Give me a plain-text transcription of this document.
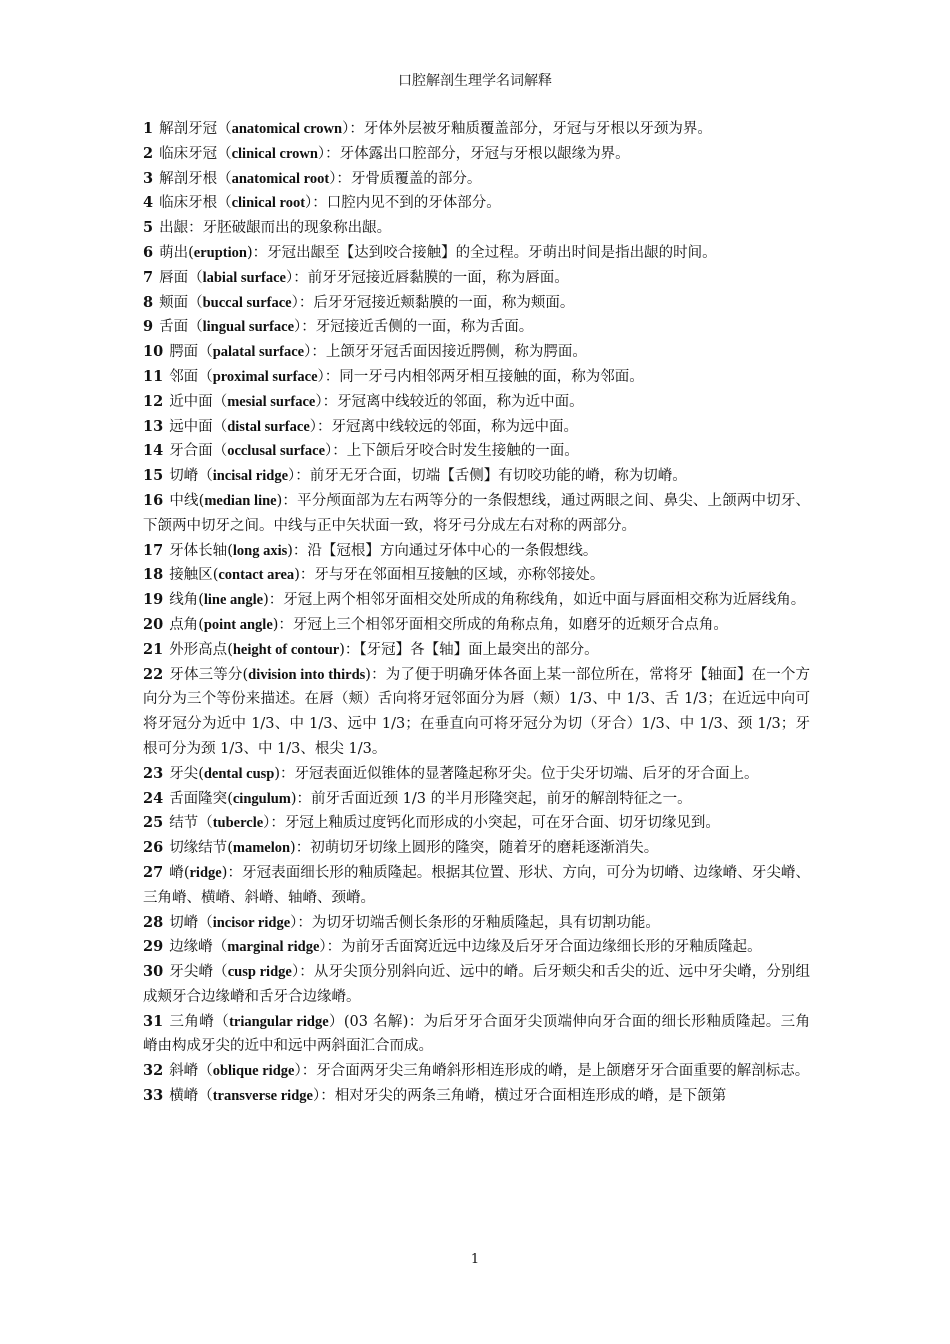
口腔解剖生理学名词解释

1 解剖牙冠（anatomical crown）：牙体外层被牙釉质覆盖部分，牙冠与牙根以牙颈为界。

2 临床牙冠（clinical crown）：牙体露出口腔部分，牙冠与牙根以龈缘为界。

3 解剖牙根（anatomical root）：牙骨质覆盖的部分。

4 临床牙根（clinical root）：口腔内见不到的牙体部分。

5 出龈：牙胚破龈而出的现象称出龈。

6 萌出(eruption)：牙冠出龈至【达到咬合接触】的全过程。牙萌出时间是指出龈的时间。

7 唇面（labial surface）：前牙牙冠接近唇黏膜的一面，称为唇面。

8 颊面（buccal surface）：后牙牙冠接近颊黏膜的一面，称为颊面。

9 舌面（lingual surface）：牙冠接近舌侧的一面，称为舌面。

10 腭面（palatal surface）：上颌牙牙冠舌面因接近腭侧，称为腭面。

11 邻面（proximal surface）：同一牙弓内相邻两牙相互接触的面，称为邻面。

12 近中面（mesial surface）：牙冠离中线较近的邻面，称为近中面。

13 远中面（distal surface）：牙冠离中线较远的邻面，称为远中面。

14 牙合面（occlusal surface）：上下颌后牙咬合时发生接触的一面。

15 切嵴（incisal ridge）：前牙无牙合面，切端【舌侧】有切咬功能的嵴，称为切嵴。

16 中线(median line)：平分颅面部为左右两等分的一条假想线，通过两眼之间、鼻尖、上颌两中切牙、下颌两中切牙之间。中线与正中矢状面一致，将牙弓分成左右对称的两部分。

17 牙体长轴(long axis)：沿【冠根】方向通过牙体中心的一条假想线。

18 接触区(contact area)：牙与牙在邻面相互接触的区域，亦称邻接处。

19 线角(line angle)：牙冠上两个相邻牙面相交处所成的角称线角，如近中面与唇面相交称为近唇线角。

20 点角(point angle)：牙冠上三个相邻牙面相交所成的角称点角，如磨牙的近颊牙合点角。

21 外形高点(height of contour)：【牙冠】各【轴】面上最突出的部分。

22 牙体三等分(division into thirds)：为了便于明确牙体各面上某一部位所在，常将牙【轴面】在一个方向分为三个等份来描述。在唇（颊）舌向将牙冠邻面分为唇（颊）1/3、中 1/3、舌 1/3；在近远中向可将牙冠分为近中 1/3、中 1/3、远中 1/3；在垂直向可将牙冠分为切（牙合）1/3、中 1/3、颈 1/3；牙根可分为颈 1/3、中 1/3、根尖 1/3。

23 牙尖(dental cusp)：牙冠表面近似锥体的显著隆起称牙尖。位于尖牙切端、后牙的牙合面上。

24 舌面隆突(cingulum)：前牙舌面近颈 1/3 的半月形隆突起，前牙的解剖特征之一。

25 结节（tubercle）：牙冠上釉质过度钙化而形成的小突起，可在牙合面、切牙切缘见到。

26 切缘结节(mamelon)：初萌切牙切缘上圆形的隆突，随着牙的磨耗逐渐消失。

27 嵴(ridge)：牙冠表面细长形的釉质隆起。根据其位置、形状、方向，可分为切嵴、边缘嵴、牙尖嵴、三角嵴、横嵴、斜嵴、轴嵴、颈嵴。

28 切嵴（incisor ridge）：为切牙切端舌侧长条形的牙釉质隆起，具有切割功能。

29 边缘嵴（marginal ridge）：为前牙舌面窝近远中边缘及后牙牙合面边缘细长形的牙釉质隆起。

30 牙尖嵴（cusp ridge）：从牙尖顶分别斜向近、远中的嵴。后牙颊尖和舌尖的近、远中牙尖嵴，分别组成颊牙合边缘嵴和舌牙合边缘嵴。

31 三角嵴（triangular ridge）(03 名解)：为后牙牙合面牙尖顶端伸向牙合面的细长形釉质隆起。三角嵴由构成牙尖的近中和远中两斜面汇合而成。

32 斜嵴（oblique ridge）：牙合面两牙尖三角嵴斜形相连形成的嵴，是上颌磨牙牙合面重要的解剖标志。

33 横嵴（transverse ridge）：相对牙尖的两条三角嵴，横过牙合面相连形成的嵴，是下颌第

1
